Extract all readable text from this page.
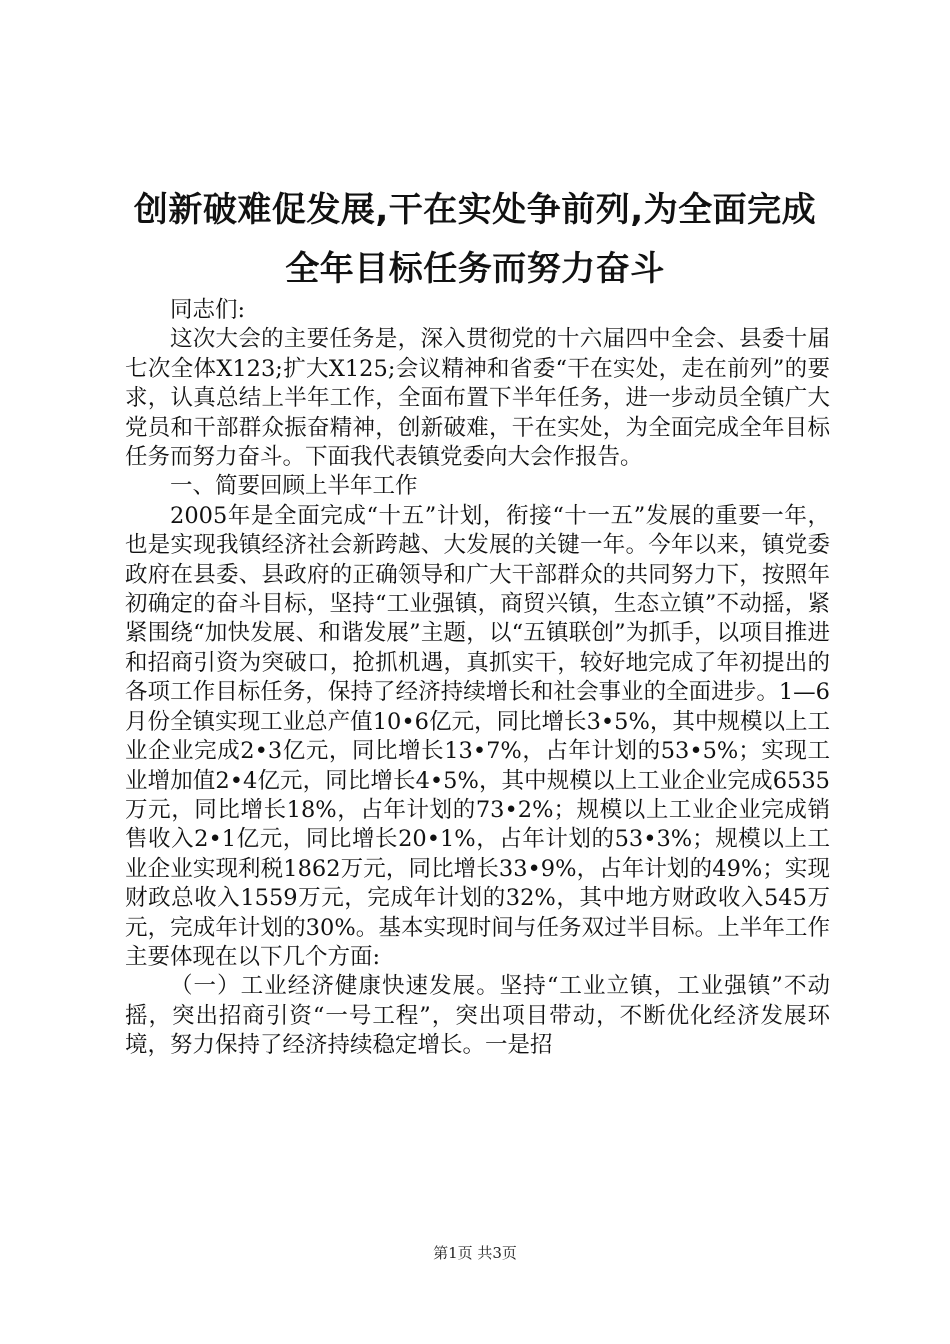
创新破难促发展,干在实处争前列,为全面完成
全年目标任务而努力奋斗

同志们:

这次大会的主要任务是，深入贯彻党的十六届四中全会、县委十届七次全体X123;扩大X125;会议精神和省委“干在实处，走在前列”的要求，认真总结上半年工作，全面布置下半年任务，进一步动员全镇广大党员和干部群众振奋精神，创新破难，干在实处，为全面完成全年目标任务而努力奋斗。下面我代表镇党委向大会作报告。

一、简要回顾上半年工作

2005年是全面完成“十五”计划，衔接“十一五”发展的重要一年，也是实现我镇经济社会新跨越、大发展的关键一年。今年以来，镇党委政府在县委、县政府的正确领导和广大干部群众的共同努力下，按照年初确定的奋斗目标，坚持“工业强镇，商贸兴镇，生态立镇”不动摇，紧紧围绕“加快发展、和谐发展”主题，以“五镇联创”为抓手，以项目推进和招商引资为突破口，抢抓机遇，真抓实干，较好地完成了年初提出的各项工作目标任务，保持了经济持续增长和社会事业的全面进步。1—6月份全镇实现工业总产值10•6亿元，同比增长3•5%，其中规模以上工业企业完成2•3亿元，同比增长13•7%，占年计划的53•5%；实现工业增加值2•4亿元，同比增长4•5%，其中规模以上工业企业完成6535万元，同比增长18%，占年计划的73•2%；规模以上工业企业完成销售收入2•1亿元，同比增长20•1%，占年计划的53•3%；规模以上工业企业实现利税1862万元，同比增长33•9%，占年计划的49%；实现财政总收入1559万元，完成年计划的32%，其中地方财政收入545万元，完成年计划的30%。基本实现时间与任务双过半目标。上半年工作主要体现在以下几个方面:

（一）工业经济健康快速发展。坚持“工业立镇，工业强镇”不动摇，突出招商引资“一号工程”，突出项目带动，不断优化经济发展环境，努力保持了经济持续稳定增长。一是招

第1页 共3页
